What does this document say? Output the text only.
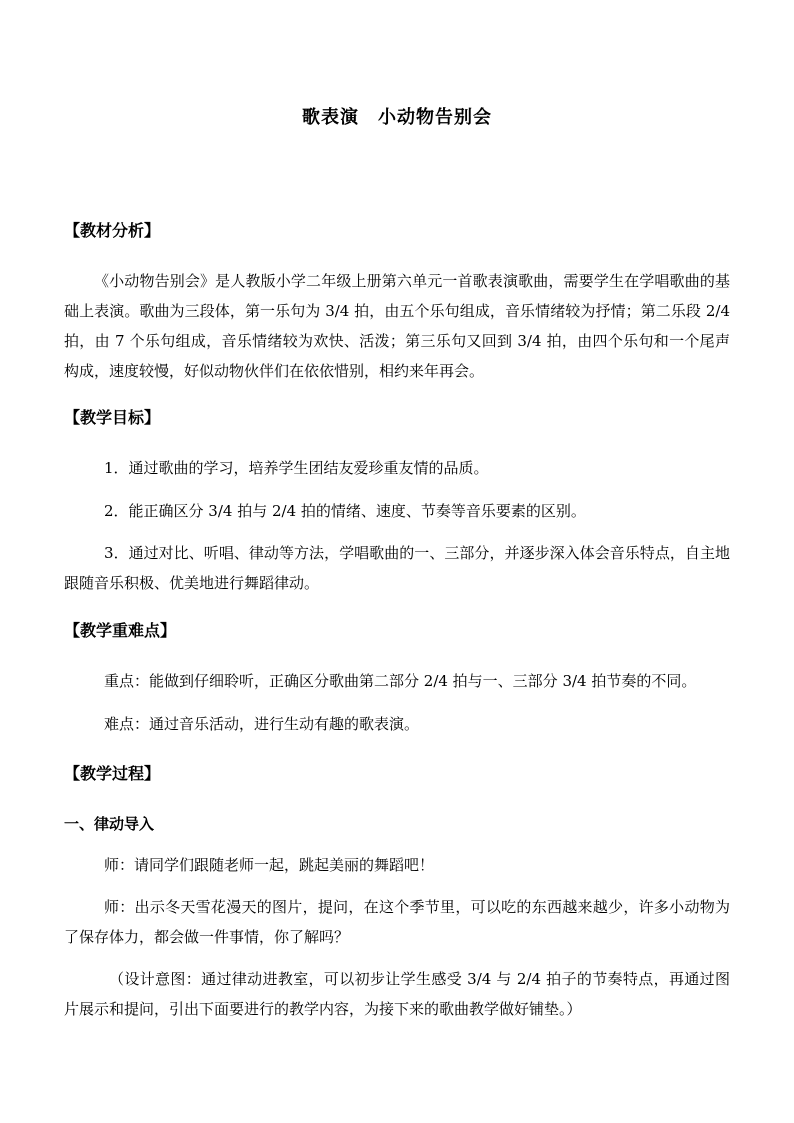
歌表演　小动物告别会
【教材分析】
《小动物告别会》是人教版小学二年级上册第六单元一首歌表演歌曲，需要学生在学唱歌曲的基础上表演。歌曲为三段体，第一乐句为 3/4 拍，由五个乐句组成，音乐情绪较为抒情；第二乐段 2/4 拍，由 7 个乐句组成，音乐情绪较为欢快、活泼；第三乐句又回到 3/4 拍，由四个乐句和一个尾声构成，速度较慢，好似动物伙伴们在依依惜别，相约来年再会。
【教学目标】
1．通过歌曲的学习，培养学生团结友爱珍重友情的品质。
2．能正确区分 3/4 拍与 2/4 拍的情绪、速度、节奏等音乐要素的区别。
3．通过对比、听唱、律动等方法，学唱歌曲的一、三部分，并逐步深入体会音乐特点，自主地跟随音乐积极、优美地进行舞蹈律动。
【教学重难点】
重点：能做到仔细聆听，正确区分歌曲第二部分 2/4 拍与一、三部分 3/4 拍节奏的不同。
难点：通过音乐活动，进行生动有趣的歌表演。
【教学过程】
一、律动导入
师：请同学们跟随老师一起，跳起美丽的舞蹈吧！
师：出示冬天雪花漫天的图片，提问，在这个季节里，可以吃的东西越来越少，许多小动物为了保存体力，都会做一件事情，你了解吗？
（设计意图：通过律动进教室，可以初步让学生感受 3/4 与 2/4 拍子的节奏特点，再通过图片展示和提问，引出下面要进行的教学内容，为接下来的歌曲教学做好铺垫。）
